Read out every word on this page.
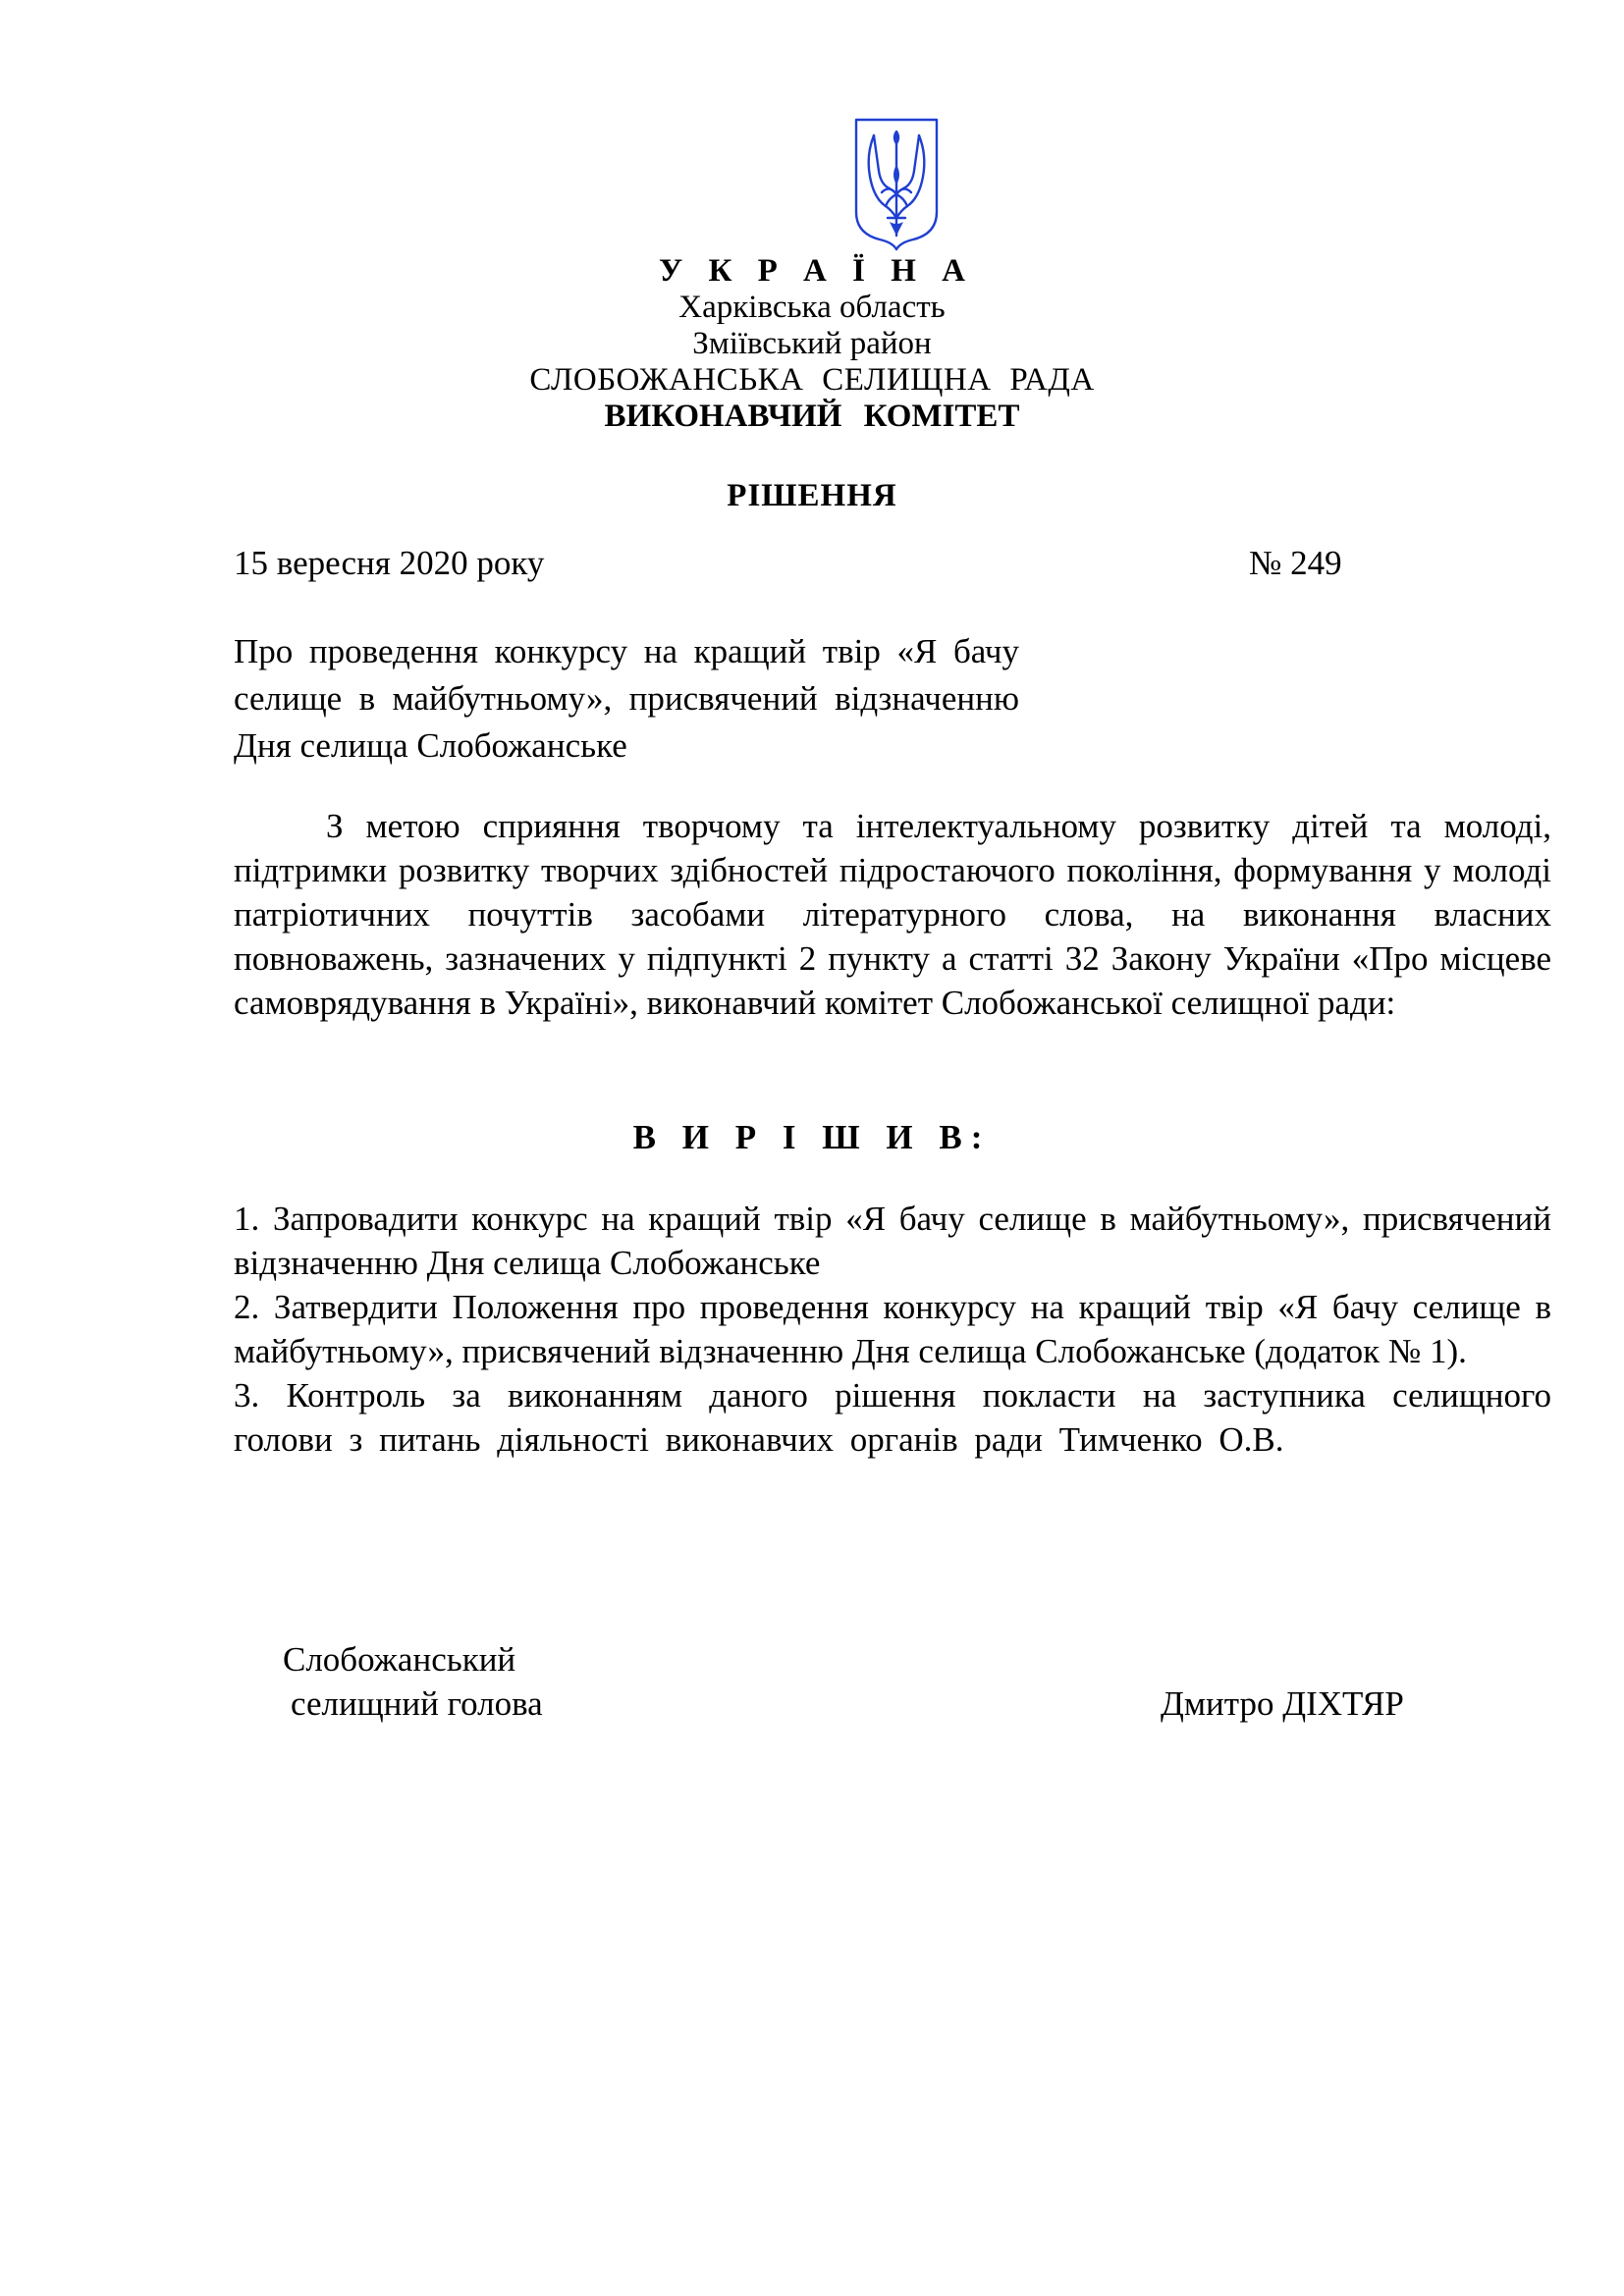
У К Р А Ї Н А
Харківська область
Зміївський район
СЛОБОЖАНСЬКА СЕЛИЩНА РАДА
ВИКОНАВЧИЙ КОМІТЕТ
РІШЕННЯ
15 вересня 2020 року	№ 249
Про проведення конкурсу на кращий твір «Я бачу селище в майбутньому», присвячений відзначенню Дня селища Слобожанське
З метою сприяння творчому та інтелектуальному розвитку дітей та молоді, підтримки розвитку творчих здібностей підростаючого покоління, формування у молоді патріотичних почуттів засобами літературного слова, на виконання власних повноважень, зазначених у підпункті 2 пункту а статті 32 Закону України «Про місцеве самоврядування в Україні», виконавчий комітет Слобожанської селищної ради:
В И Р І Ш И В:

1. Запровадити конкурс на кращий твір «Я бачу селище в майбутньому», присвячений відзначенню Дня селища Слобожанське

2. Затвердити Положення про проведення конкурсу на кращий твір «Я бачу селище в майбутньому», присвячений відзначенню Дня селища Слобожанське (додаток № 1).

3. Контроль за виконанням даного рішення покласти на заступника селищного голови з питань діяльності виконавчих органів ради Тимченко О.В.

Слобожанський
селищний голова	Дмитро ДІХТЯР
